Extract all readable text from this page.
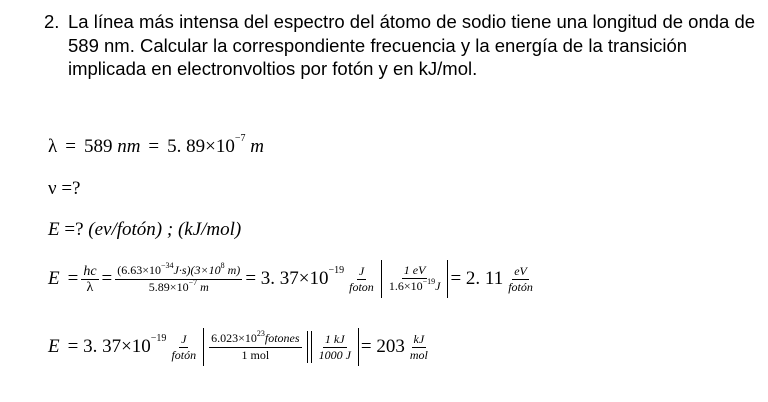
2. La línea más intensa del espectro del átomo de sodio tiene una longitud de onda de 589 nm. Calcular la correspondiente frecuencia y la energía de la transición implicada en electronvoltios por fotón y en kJ/mol.
λ = 589
nm = 5. 89×10 −7
m
ν
=?
E
=?
(ev/fotón) ; (kJ/mol)
$E = \frac{hc}{\lambda} = \frac{(6.63\times 10^{-34}J\cdot s)(3\times 10^8 m)}{5.89\times 10^{-7} m}$ =
3. $37\times 10 -19 \frac{J}{\text{foton}} \frac{1 eV}{1.6\times 10^{-19}J}$ =
2. $11 \frac{eV}{\text{fotón}}$
E =
3. $37\times 10 -19 \frac{J}{\text{fotón}} \frac{6.023\times 10^{23}fotones}{\text{1 mol}} \frac{1 kJ}{1000 J}$ =
$203 \frac{kJ}{\text{mol}}$
